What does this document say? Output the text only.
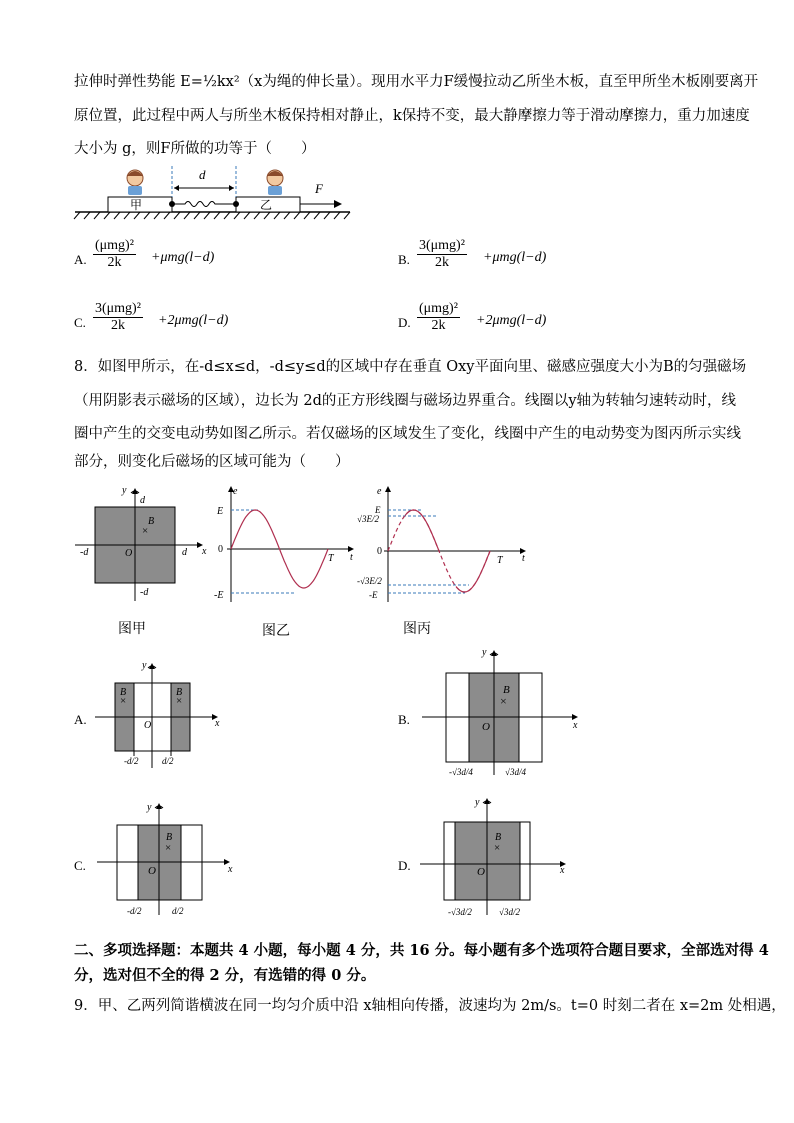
拉伸时弹性势能 E=½kx²（x为绳的伸长量）。现用水平力F缓慢拉动乙所坐木板，直至甲所坐木板刚要离开
原位置，此过程中两人与所坐木板保持相对静止，k保持不变，最大静摩擦力等于滑动摩擦力，重力加速度
大小为 g，则F所做的功等于（　　）
甲	乙
d
F
A.
(μmg)²
2k	+μmg(l−d)	B.
3(μmg)²
2k	+μmg(l−d)
C.
3(μmg)²
2k	+2μmg(l−d)	D.
(μmg)²
2k	+2μmg(l−d)
8．如图甲所示，在-d≤x≤d，-d≤y≤d的区域中存在垂直 Oxy平面向里、磁感应强度大小为B的匀强磁场
（用阴影表示磁场的区域），边长为 2d的正方形线圈与磁场边界重合。线圈以y轴为转轴匀速转动时，线
圈中产生的交变电动势如图乙所示。若仅磁场的区域发生了变化，线圈中产生的电动势变为图丙所示实线
部分，则变化后磁场的区域可能为（　　）
y
x
d
-d
-d	d
O
B
×
图甲
e
t
E
-E
0
T
图乙
e
t
E
√3E/2
-√3E/2
-E
0
T
图丙
A.
y
x
O
B
×
B
×
-d/2	d/2
B.
y
x
O
B
×
-√3d/4	√3d/4
C.
y
x
O
B
×
-d/2	d/2
D.
y
x
O
B
×
-√3d/2	√3d/2
二、多项选择题：本题共 4 小题，每小题 4 分，共 16 分。每小题有多个选项符合题目要求，全部选对得 4
分，选对但不全的得 2 分，有选错的得 0 分。
9．甲、乙两列简谐横波在同一均匀介质中沿 x轴相向传播，波速均为 2m/s。t=0 时刻二者在 x=2m 处相遇，
